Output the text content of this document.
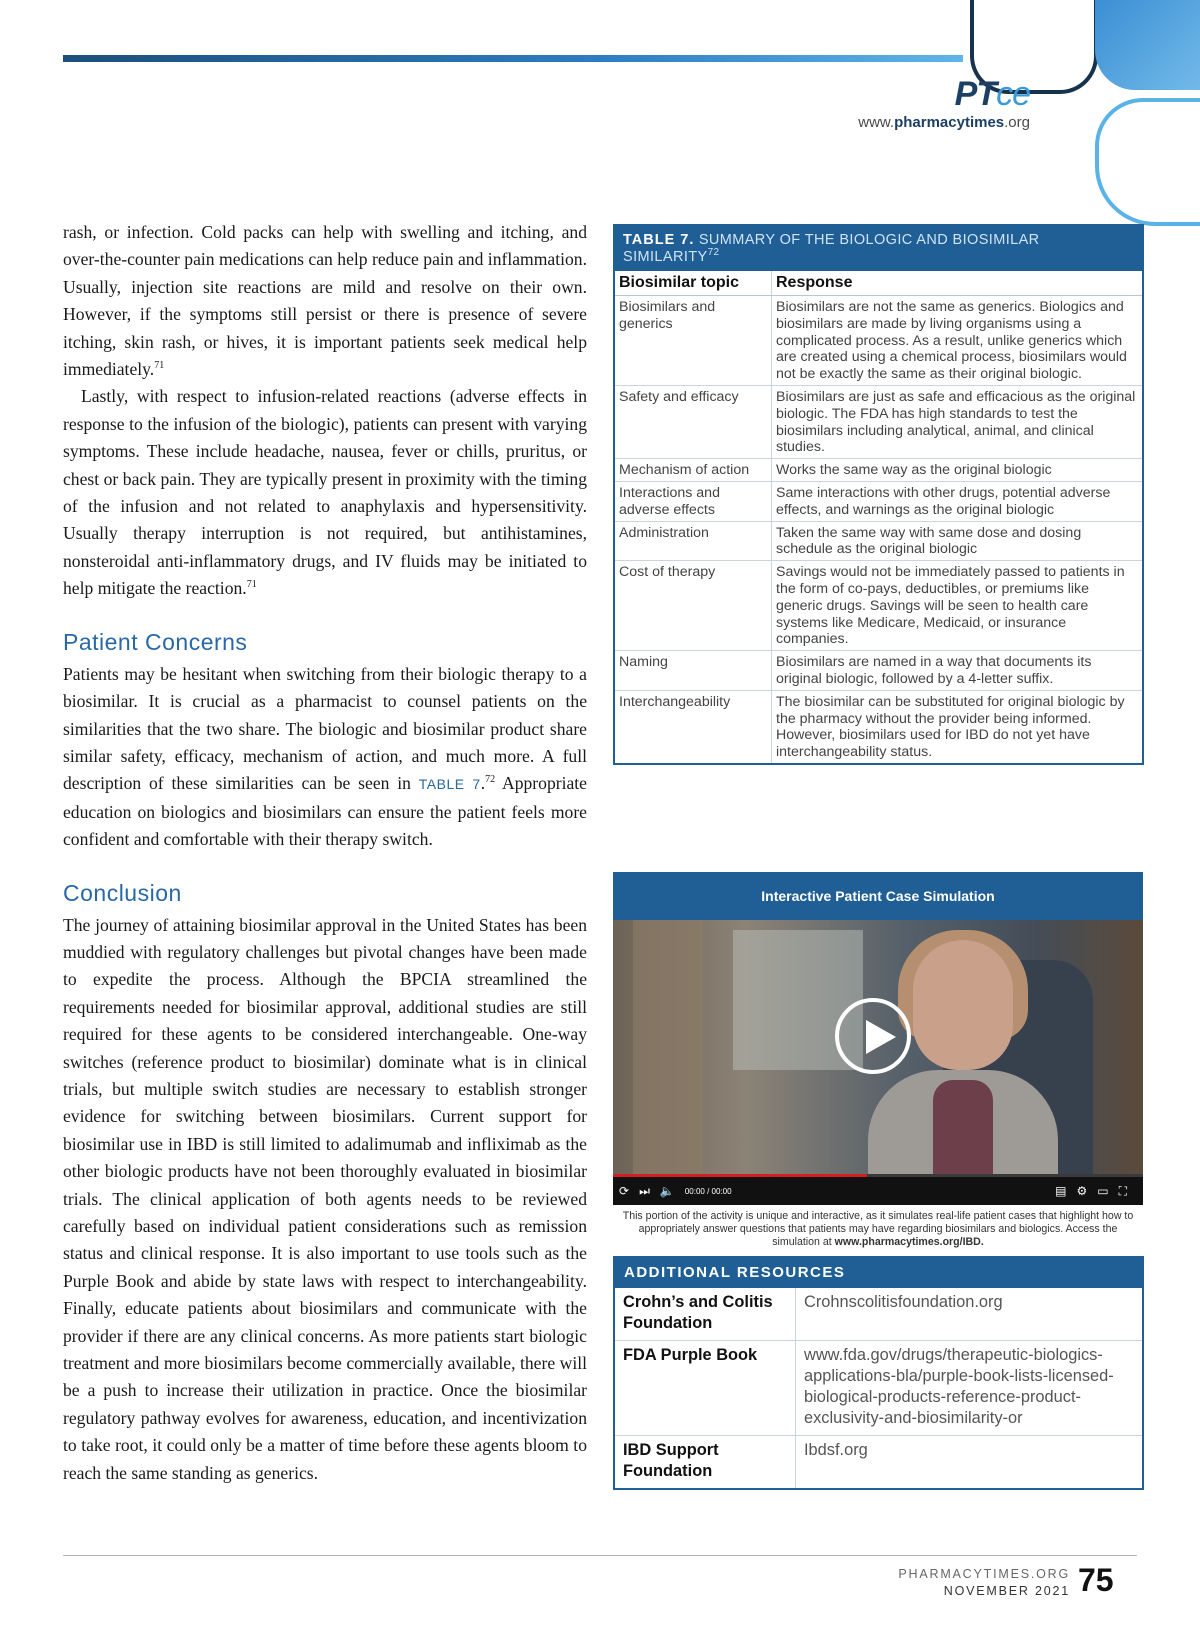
PTce
www.pharmacytimes.org

rash, or infection. Cold packs can help with swelling and itching, and over-the-counter pain medications can help reduce pain and inflammation. Usually, injection site reactions are mild and resolve on their own. However, if the symptoms still persist or there is presence of severe itching, skin rash, or hives, it is important patients seek medical help immediately.$^{71}$

Lastly, with respect to infusion-related reactions (adverse effects in response to the infusion of the biologic), patients can present with varying symptoms. These include headache, nausea, fever or chills, pruritus, or chest or back pain. They are typically present in proximity with the timing of the infusion and not related to anaphylaxis and hypersensitivity. Usually therapy interruption is not required, but antihistamines, nonsteroidal anti-inflammatory drugs, and IV fluids may be initiated to help mitigate the reaction.$^{71}$

Patient Concerns

Patients may be hesitant when switching from their biologic therapy to a biosimilar. It is crucial as a pharmacist to counsel patients on the similarities that the two share. The biologic and biosimilar product share similar safety, efficacy, mechanism of action, and much more. A full description of these similarities can be seen in TABLE 7.72 Appropriate education on biologics and biosimilars can ensure the patient feels more confident and comfortable with their therapy switch.

Conclusion

The journey of attaining biosimilar approval in the United States has been muddied with regulatory challenges but pivotal changes have been made to expedite the process. Although the BPCIA streamlined the requirements needed for biosimilar approval, additional studies are still required for these agents to be considered interchangeable. One-way switches (reference product to biosimilar) dominate what is in clinical trials, but multiple switch studies are necessary to establish stronger evidence for switching between biosimilars. Current support for biosimilar use in IBD is still limited to adalimumab and infliximab as the other biologic products have not been thoroughly evaluated in biosimilar trials. The clinical application of both agents needs to be reviewed carefully based on individual patient considerations such as remission status and clinical response. It is also important to use tools such as the Purple Book and abide by state laws with respect to interchangeability. Finally, educate patients about biosimilars and communicate with the provider if there are any clinical concerns. As more patients start biologic treatment and more biosimilars become commercially available, there will be a push to increase their utilization in practice. Once the biosimilar regulatory pathway evolves for awareness, education, and incentivization to take root, it could only be a matter of time before these agents bloom to reach the same standing as generics.

TABLE 7. SUMMARY OF THE BIOLOGIC AND BIOSIMILAR SIMILARITY$^{72}$
Biosimilar topic	Response
Biosimilars and generics	Biosimilars are not the same as generics. Biologics and biosimilars are made by living organisms using a complicated process. As a result, unlike generics which are created using a chemical process, biosimilars would not be exactly the same as their original biologic.
Safety and efficacy	Biosimilars are just as safe and efficacious as the original biologic. The FDA has high standards to test the biosimilars including analytical, animal, and clinical studies.
Mechanism of action	Works the same way as the original biologic
Interactions and adverse effects	Same interactions with other drugs, potential adverse effects, and warnings as the original biologic
Administration	Taken the same way with same dose and dosing schedule as the original biologic
Cost of therapy	Savings would not be immediately passed to patients in the form of co-pays, deductibles, or premiums like generic drugs. Savings will be seen to health care systems like Medicare, Medicaid, or insurance companies.
Naming	Biosimilars are named in a way that documents its original biologic, followed by a 4-letter suffix.
Interchangeability	The biosimilar can be substituted for original biologic by the pharmacy without the provider being informed. However, biosimilars used for IBD do not yet have interchangeability status.
Interactive Patient Case Simulation
⟳ ⏭ 🔈 00:00 / 00:00	▤ ⚙ ▭ ⛶
This portion of the activity is unique and interactive, as it simulates real-life patient cases that highlight how to appropriately answer questions that patients may have regarding biosimilars and biologics. Access the simulation at www.pharmacytimes.org/IBD.
ADDITIONAL RESOURCES
Crohn’s and Colitis Foundation	Crohnscolitisfoundation.org
FDA Purple Book	www.fda.gov/drugs/therapeutic-biologics-applications-bla/purple-book-lists-licensed-biological-products-reference-product-exclusivity-and-biosimilarity-or
IBD Support Foundation	Ibdsf.org
PHARMACYTIMES.ORG
NOVEMBER 2021 75
